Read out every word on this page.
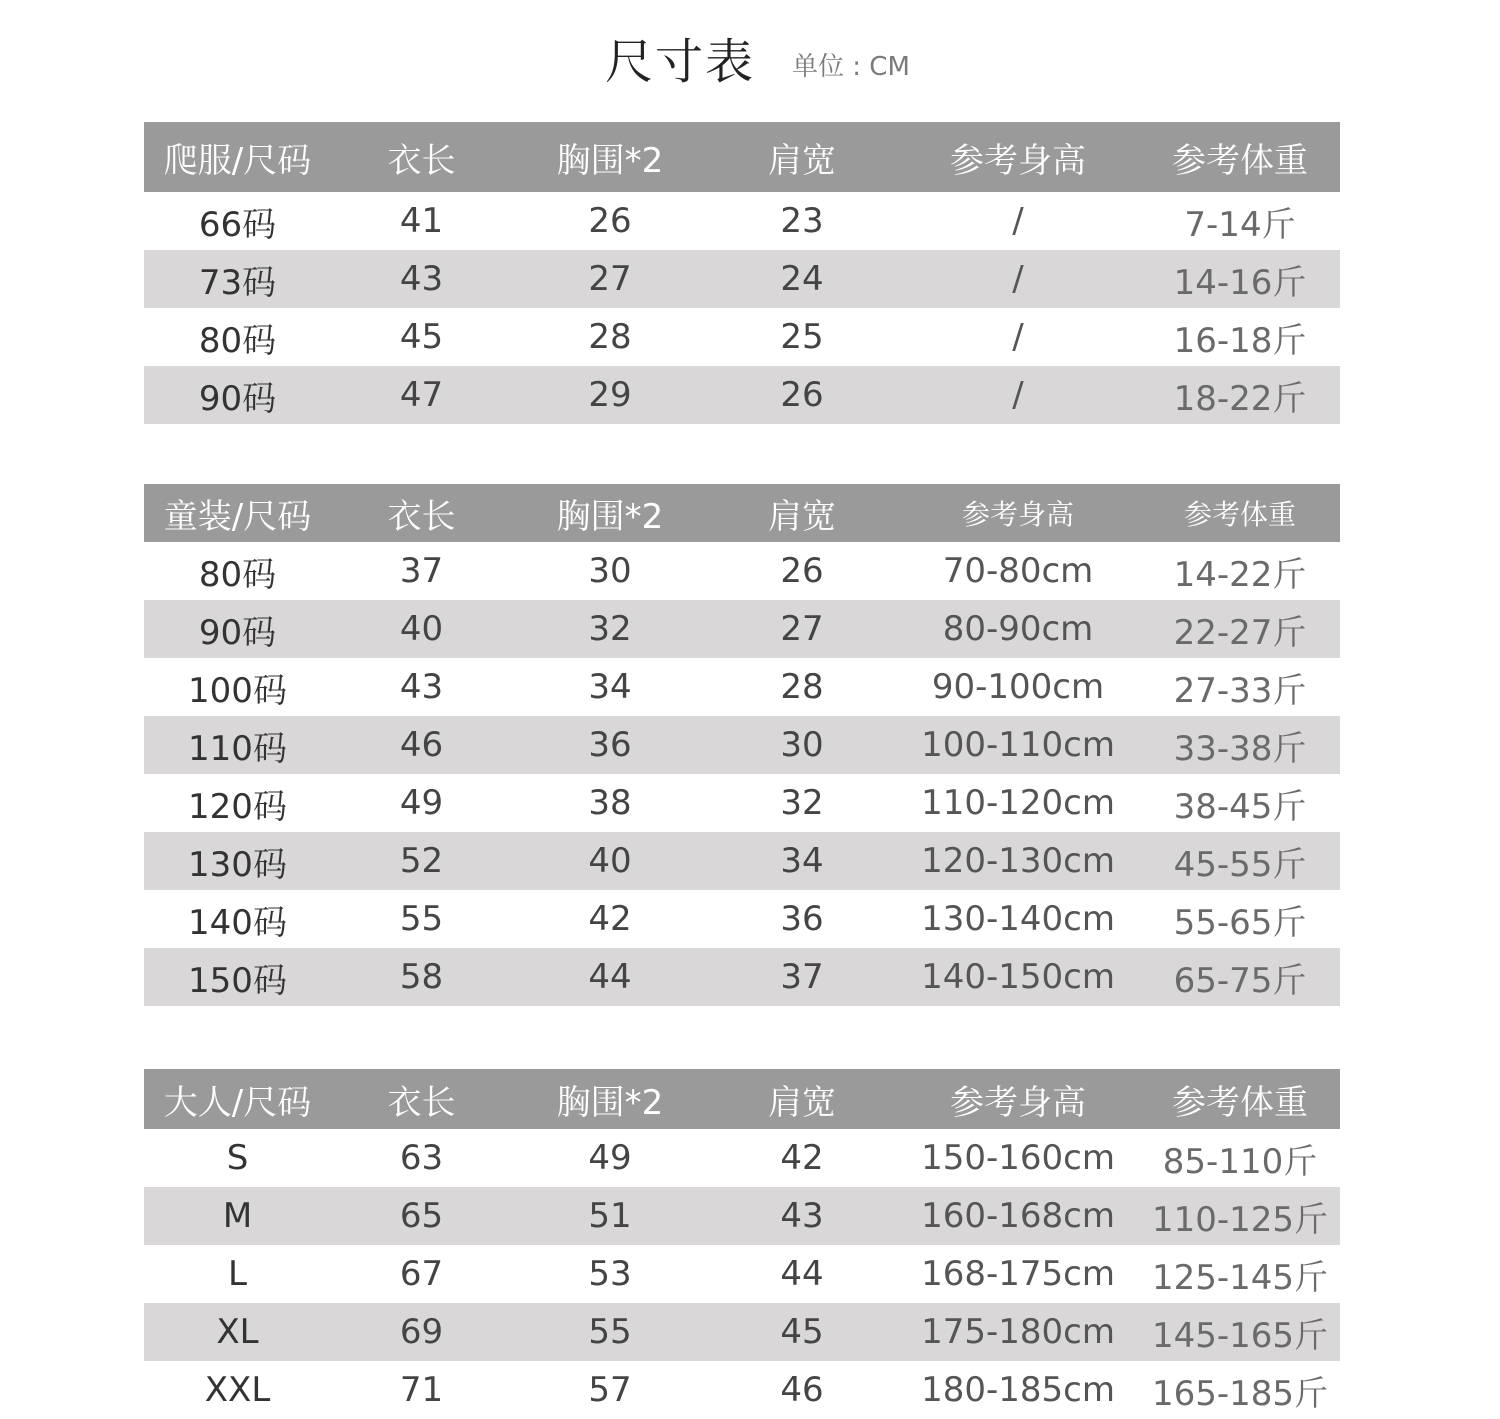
尺寸表 单位 : CM
爬服/尺码	衣长	胸围*2	肩宽	参考身高	参考体重
66码	41	26	23	/	7-14斤
73码	43	27	24	/	14-16斤
80码	45	28	25	/	16-18斤
90码	47	29	26	/	18-22斤
童装/尺码	衣长	胸围*2	肩宽	参考身高	参考体重
80码	37	30	26	70-80cm	14-22斤
90码	40	32	27	80-90cm	22-27斤
100码	43	34	28	90-100cm	27-33斤
110码	46	36	30	100-110cm	33-38斤
120码	49	38	32	110-120cm	38-45斤
130码	52	40	34	120-130cm	45-55斤
140码	55	42	36	130-140cm	55-65斤
150码	58	44	37	140-150cm	65-75斤
大人/尺码	衣长	胸围*2	肩宽	参考身高	参考体重
S	63	49	42	150-160cm	85-110斤
M	65	51	43	160-168cm	110-125斤
L	67	53	44	168-175cm	125-145斤
XL	69	55	45	175-180cm	145-165斤
XXL	71	57	46	180-185cm	165-185斤
